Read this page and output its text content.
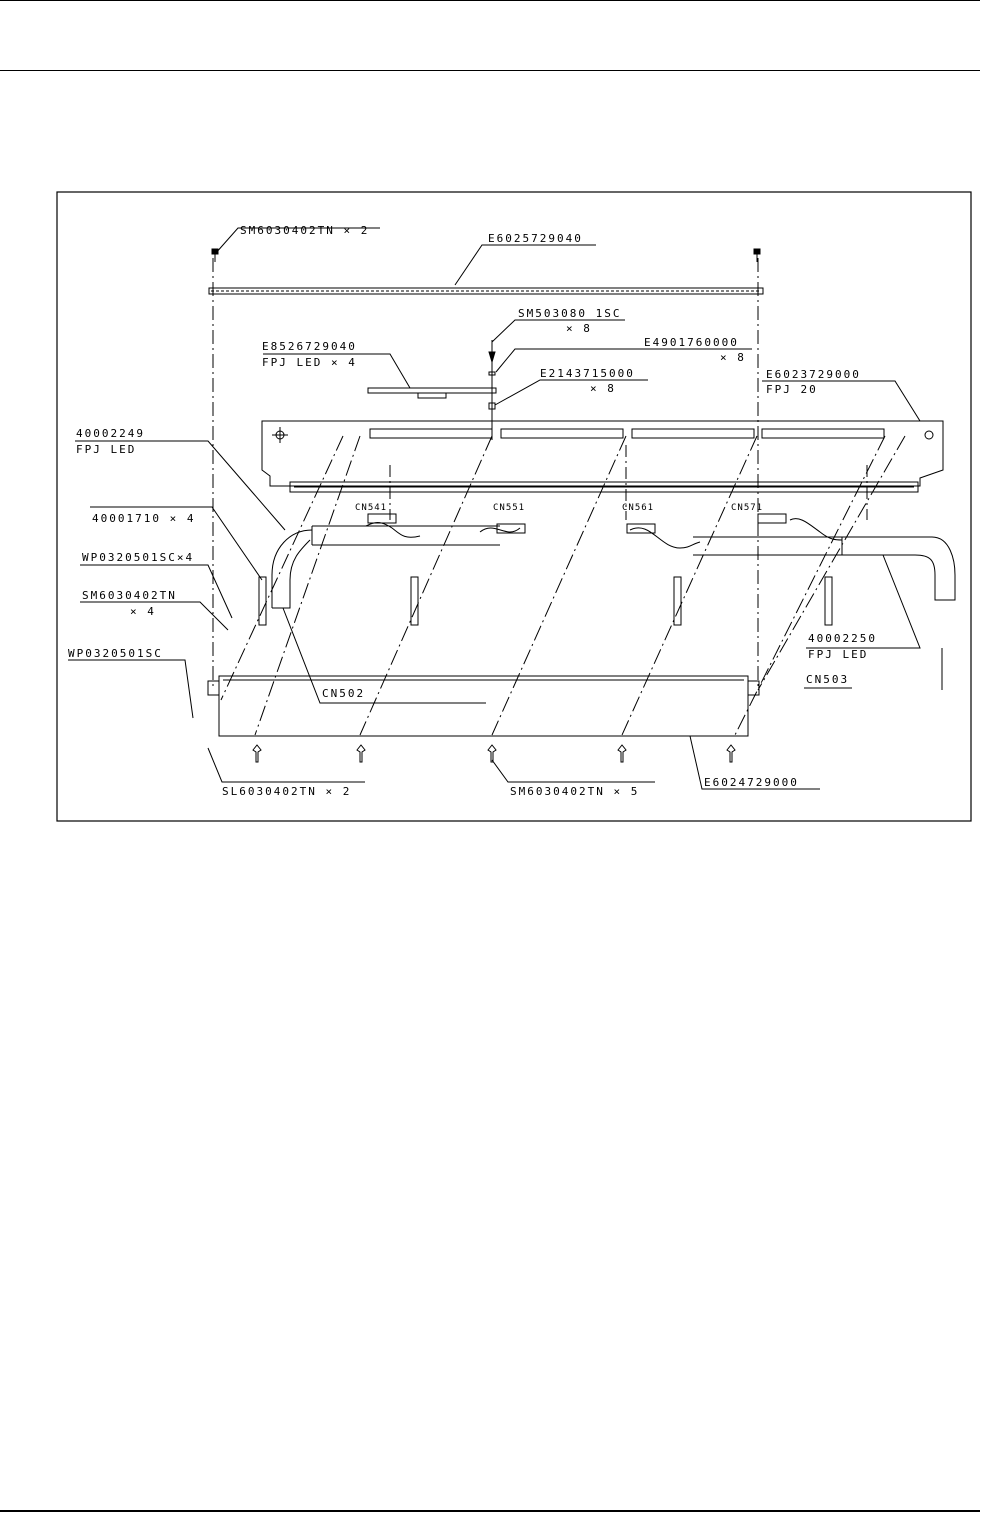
SM6030402TN × 2
E6025729040
SM503080 1SC
× 8
E8526729040
FPJ LED × 4
E4901760000
× 8
E2143715000
× 8
E6023729000
FPJ 20
40002249
FPJ LED
40001710 × 4
WP0320501SC×4
SM6030402TN
× 4
WP0320501SC
CN541	CN551	CN561	CN571
CN502
CN503
40002250
FPJ LED
SL6030402TN × 2	SM6030402TN × 5
E6024729000
